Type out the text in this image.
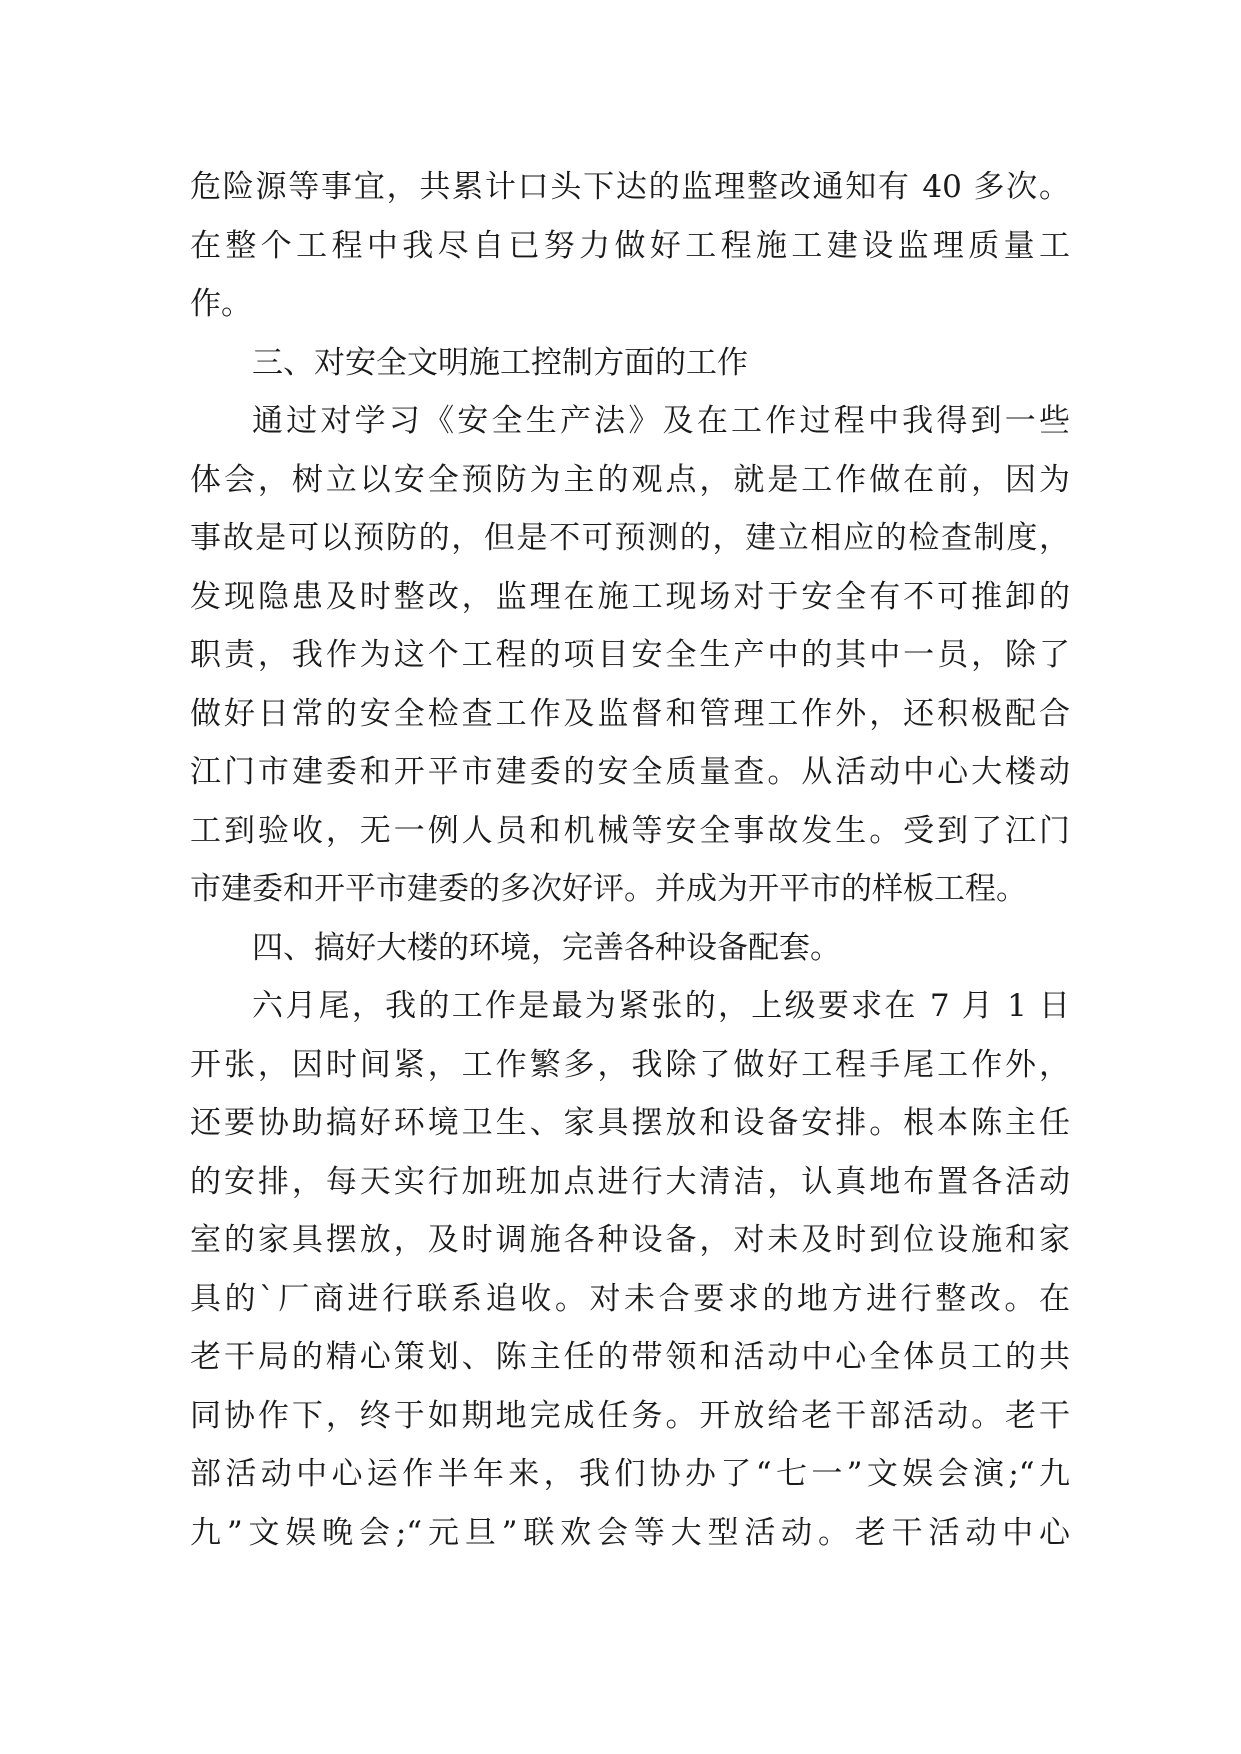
危险源等事宜，共累计口头下达的监理整改通知有 40 多次。
在整个工程中我尽自已努力做好工程施工建设监理质量工
作。
三、对安全文明施工控制方面的工作
通过对学习《安全生产法》及在工作过程中我得到一些
体会，树立以安全预防为主的观点，就是工作做在前，因为
事故是可以预防的，但是不可预测的，建立相应的检查制度，
发现隐患及时整改，监理在施工现场对于安全有不可推卸的
职责，我作为这个工程的项目安全生产中的其中一员，除了
做好日常的安全检查工作及监督和管理工作外，还积极配合
江门市建委和开平市建委的安全质量查。从活动中心大楼动
工到验收，无一例人员和机械等安全事故发生。受到了江门
市建委和开平市建委的多次好评。并成为开平市的样板工程。
四、搞好大楼的环境，完善各种设备配套。
六月尾，我的工作是最为紧张的，上级要求在 7 月 1 日
开张，因时间紧，工作繁多，我除了做好工程手尾工作外，
还要协助搞好环境卫生、家具摆放和设备安排。根本陈主任
的安排，每天实行加班加点进行大清洁，认真地布置各活动
室的家具摆放，及时调施各种设备，对未及时到位设施和家
具的`厂商进行联系追收。对未合要求的地方进行整改。在
老干局的精心策划、陈主任的带领和活动中心全体员工的共
同协作下，终于如期地完成任务。开放给老干部活动。老干
部活动中心运作半年来，我们协办了“七一”文娱会演;“九
九”文娱晚会;“元旦”联欢会等大型活动。老干活动中心
